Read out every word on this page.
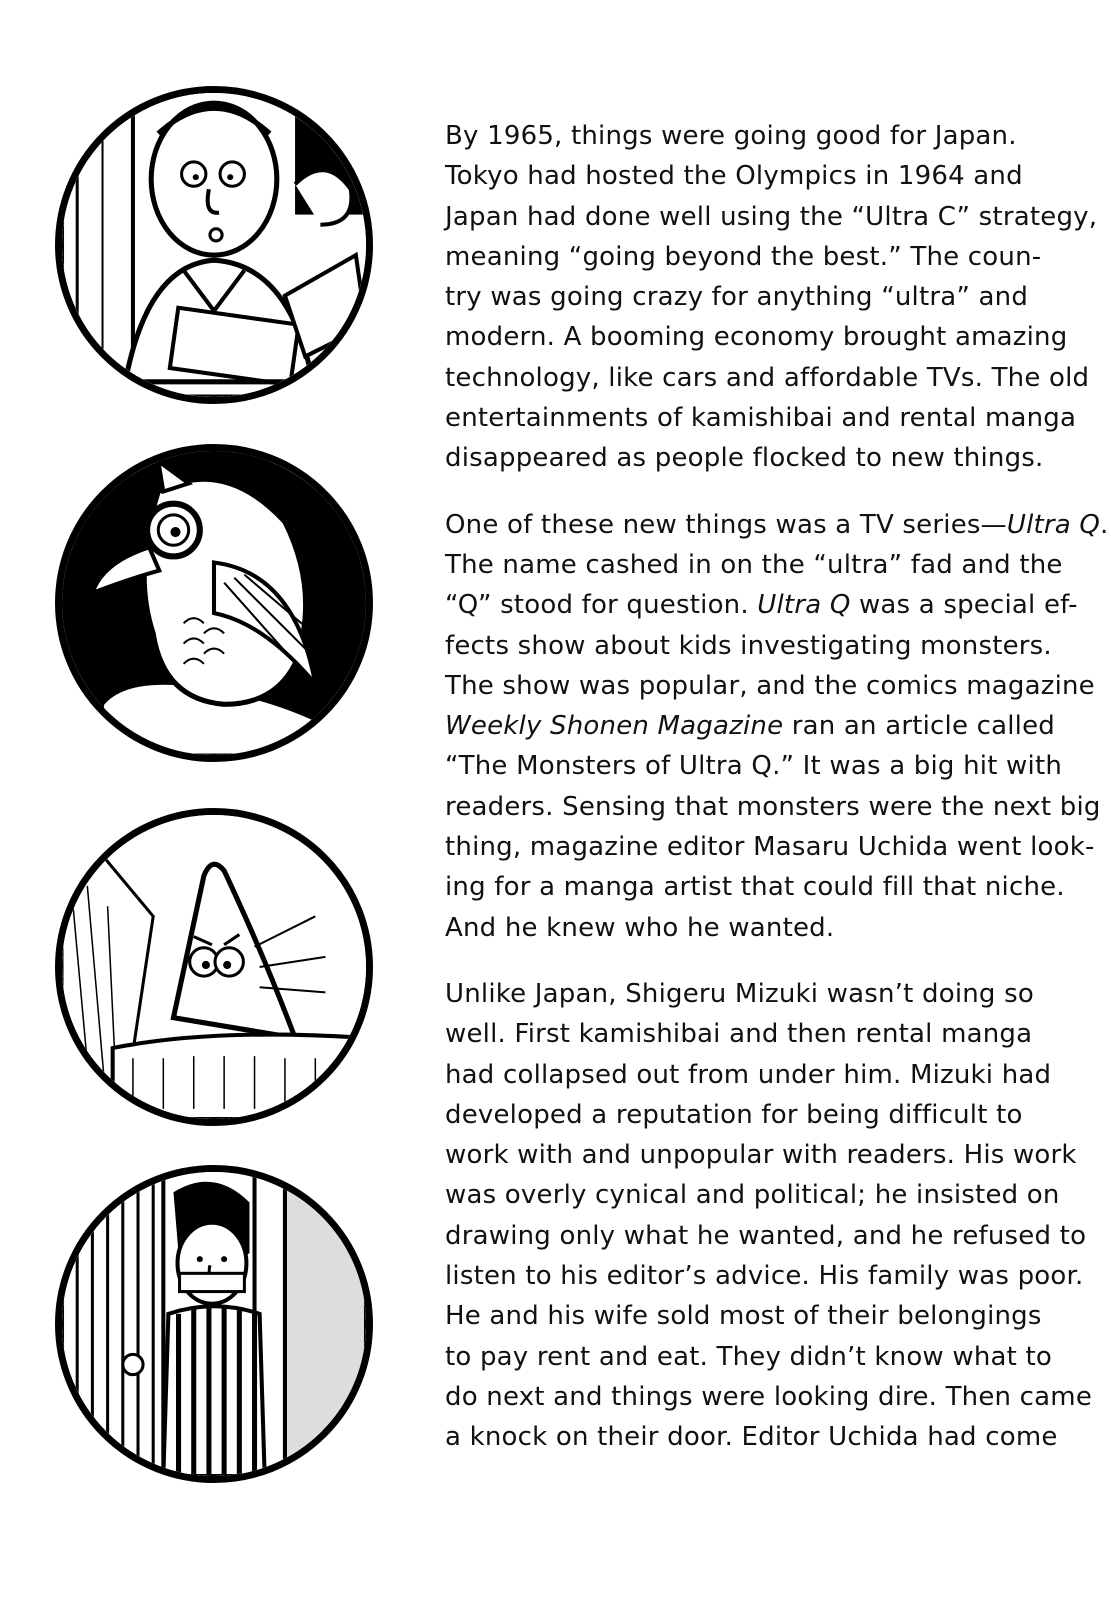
By 1965, things were going good for Japan.
Tokyo had hosted the Olympics in 1964 and
Japan had done well using the “Ultra C” strategy,
meaning “going beyond the best.” The coun-
try was going crazy for anything “ultra” and
modern. A booming economy brought amazing
technology, like cars and affordable TVs. The old
entertainments of kamishibai and rental manga
disappeared as people flocked to new things.

One of these new things was a TV series—Ultra Q.
The name cashed in on the “ultra” fad and the
“Q” stood for question. Ultra Q was a special ef-
fects show about kids investigating monsters.
The show was popular, and the comics magazine
Weekly Shonen Magazine ran an article called
“The Monsters of Ultra Q.” It was a big hit with
readers. Sensing that monsters were the next big
thing, magazine editor Masaru Uchida went look-
ing for a manga artist that could fill that niche.
And he knew who he wanted.

Unlike Japan, Shigeru Mizuki wasn’t doing so
well. First kamishibai and then rental manga
had collapsed out from under him. Mizuki had
developed a reputation for being difficult to
work with and unpopular with readers. His work
was overly cynical and political; he insisted on
drawing only what he wanted, and he refused to
listen to his editor’s advice. His family was poor.
He and his wife sold most of their belongings
to pay rent and eat. They didn’t know what to
do next and things were looking dire. Then came
a knock on their door. Editor Uchida had come
